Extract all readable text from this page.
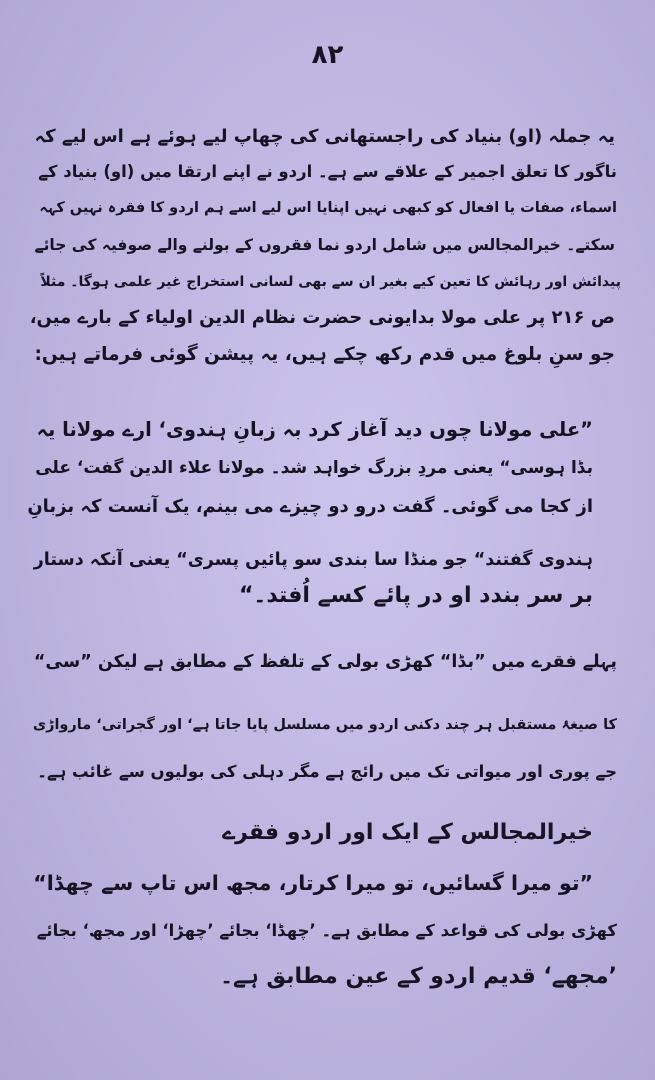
۸۲
یہ جملہ (او) بنیاد کی راجستھانی کی چھاپ لیے ہوئے ہے اس لیے کہ
ناگور کا تعلق اجمیر کے علاقے سے ہے۔ اردو نے اپنے ارتقا میں (او) بنیاد کے
اسماء، صفات یا افعال کو کبھی نہیں اپنایا اس لیے اسے ہم اردو کا فقرہ نہیں کہہ
سکتے۔ خیرالمجالس میں شامل اردو نما فقروں کے بولنے والے صوفیہ کی جائے
پیدائش اور رہائش کا تعین کیے بغیر ان سے بھی لسانی استخراج غیر علمی ہوگا۔ مثلاً
ص ۲۱۶ پر علی مولا بدایونی حضرت نظام الدین اولیاء کے بارے میں،
جو سنِ بلوغ میں قدم رکھ چکے ہیں، یہ پیشن گوئی فرماتے ہیں:
”علی مولانا چوں دید آغاز کرد بہ زبانِ ہندوی‘ ارے مولانا یہ
بڈا ہوسی“ یعنی مردِ بزرگ خواہد شد۔ مولانا علاء الدین گفت‘ علی
از کجا می گوئی۔ گفت درو دو چیزے می بینم، یک آنست کہ بزبانِ
ہندوی گفتند“ جو منڈا سا بندی سو پائیں پسری“ یعنی آنکہ دستار
بر سر بندد او در پائے کسے اُفتد۔“
پہلے فقرے میں ”بڈا“ کھڑی بولی کے تلفظ کے مطابق ہے لیکن ”سی“
کا صیغۂ مستقبل ہر چند دکنی اردو میں مسلسل پایا جاتا ہے‘ اور گجراتی‘ مارواڑی
جے پوری اور میواتی تک میں رائج ہے مگر دہلی کی بولیوں سے غائب ہے۔
خیرالمجالس کے ایک اور اردو فقرے
”تو میرا گسائیں، تو میرا کرتار، مجھ اس تاپ سے چھڈا“
کھڑی بولی کی قواعد کے مطابق ہے۔ ’چھڈا‘ بجائے ’چھڑا‘ اور مجھ‘ بجائے
’مجھے‘ قدیم اردو کے عین مطابق ہے۔
